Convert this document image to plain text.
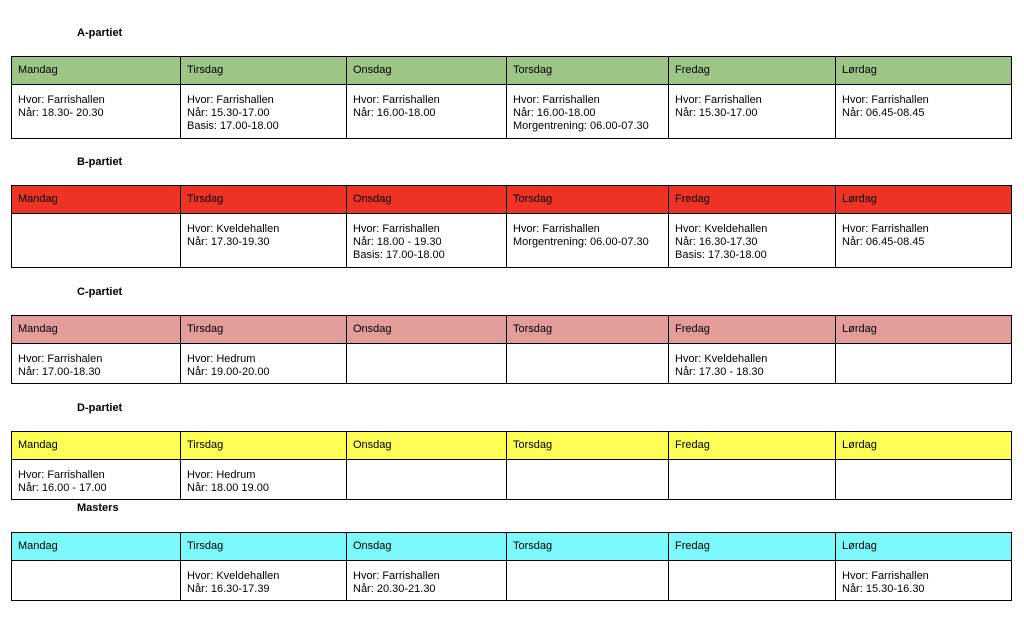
A-partiet
Mandag	Tirsdag	Onsdag	Torsdag	Fredag	Lørdag

Hvor: Farrishallen
Når: 18.30- 20.30	Hvor: Farrishallen
Når: 15.30-17.00
Basis: 17.00-18.00	Hvor: Farrishallen
Når: 16.00-18.00	Hvor: Farrishallen
Når: 16.00-18.00
Morgentrening: 06.00-07.30	Hvor: Farrishallen
Når: 15.30-17.00	Hvor: Farrishallen
Når: 06.45-08.45
B-partiet
Mandag	Tirsdag	Onsdag	Torsdag	Fredag	Lørdag

	Hvor: Kveldehallen
Når: 17.30-19.30	Hvor: Farrishallen
Når: 18.00 - 19.30
Basis: 17.00-18.00	Hvor: Farrishallen
Morgentrening: 06.00-07.30	Hvor: Kveldehallen
Når: 16.30-17.30
Basis: 17.30-18.00	Hvor: Farrishallen
Når: 06.45-08.45
C-partiet
Mandag	Tirsdag	Onsdag	Torsdag	Fredag	Lørdag

Hvor: Farrishalen
Når: 17.00-18.30	Hvor: Hedrum
Når: 19.00-20.00			Hvor: Kveldehallen
Når: 17.30 - 18.30	

D-partiet
Mandag	Tirsdag	Onsdag	Torsdag	Fredag	Lørdag

Hvor: Farrishallen
Når: 16.00 - 17.00	Hvor: Hedrum
Når: 18.00 19.00				

Masters
Mandag	Tirsdag	Onsdag	Torsdag	Fredag	Lørdag

	Hvor: Kveldehallen
Når: 16.30-17.39	Hvor: Farrishallen
Når: 20.30-21.30			Hvor: Farrishallen
Når: 15.30-16.30
